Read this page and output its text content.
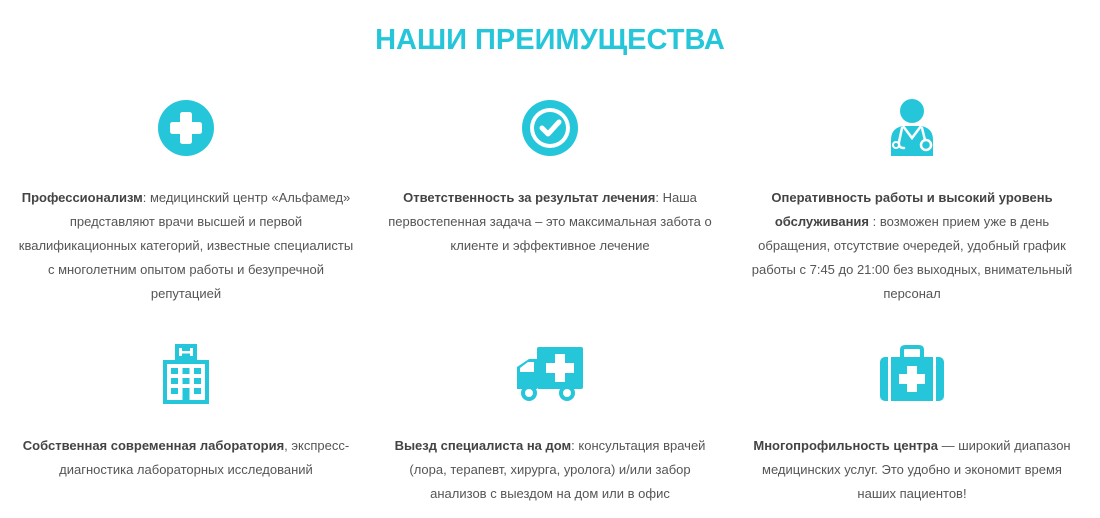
НАШИ ПРЕИМУЩЕСТВА
Профессионализм: медицинский центр «Альфамед» представляют врачи высшей и первой квалификационных категорий, известные специалисты с многолетним опытом работы и безупречной репутацией
Ответственность за результат лечения: Наша первостепенная задача – это максимальная забота о клиенте и эффективное лечение
Оперативность работы и высокий уровень обслуживания : возможен прием уже в день обращения, отсутствие очередей, удобный график работы с 7:45 до 21:00 без выходных, внимательный персонал
Собственная современная лаборатория, экспресс-диагностика лабораторных исследований
Выезд специалиста на дом: консультация врачей (лора, терапевт, хирурга, уролога) и/или забор анализов с выездом на дом или в офис
Многопрофильность центра — широкий диапазон медицинских услуг. Это удобно и экономит время наших пациентов!
